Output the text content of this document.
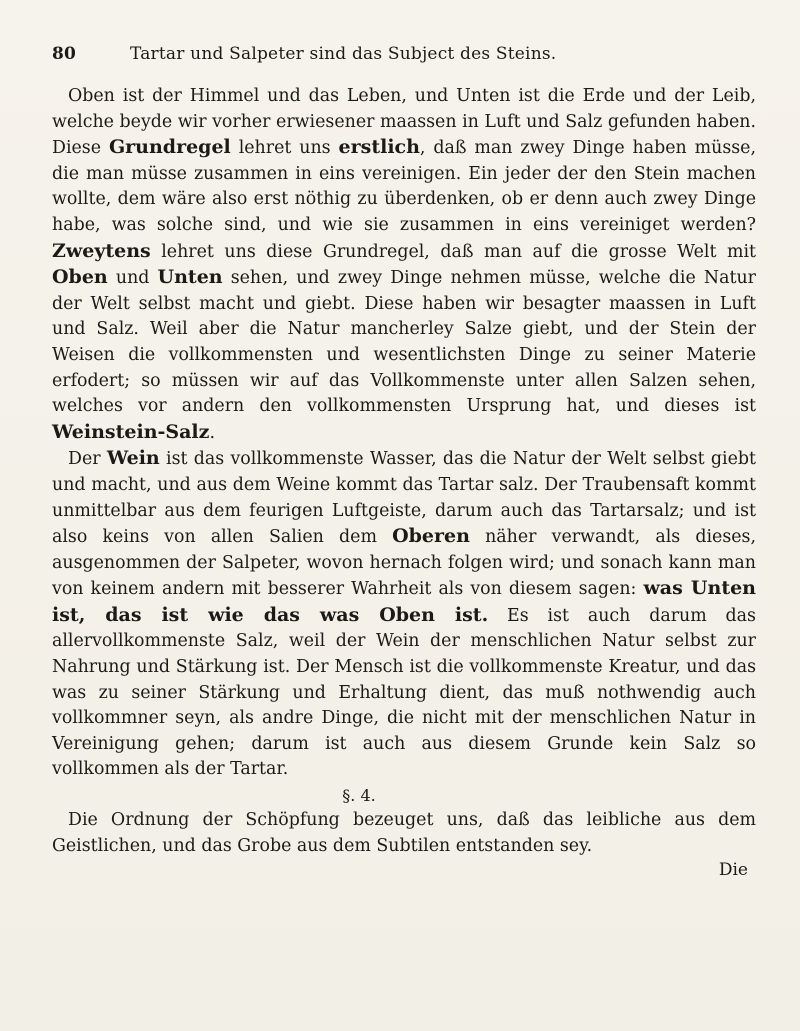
80	Tartar und Salpeter sind das Subject des Steins.

Oben ist der Himmel und das Leben, und Unten ist die Erde und der Leib, welche beyde wir vorher erwiesener maassen in Luft und Salz gefunden haben. Diese Grundregel lehret uns erstlich, daß man zwey Dinge haben müsse, die man müsse zusammen in eins vereinigen. Ein jeder der den Stein machen wollte, dem wäre also erst nöthig zu überdenken, ob er denn auch zwey Dinge habe, was solche sind, und wie sie zusammen in eins vereiniget werden? Zweytens lehret uns diese Grundregel, daß man auf die grosse Welt mit Oben und Unten sehen, und zwey Dinge nehmen müsse, welche die Natur der Welt selbst macht und giebt. Diese haben wir besagter maassen in Luft und Salz. Weil aber die Natur mancherley Salze giebt, und der Stein der Weisen die vollkommensten und wesentlichsten Dinge zu seiner Materie erfodert; so müssen wir auf das Vollkommenste unter allen Salzen sehen, welches vor andern den vollkommensten Ursprung hat, und dieses ist Weinstein-Salz.

Der Wein ist das vollkommenste Wasser, das die Natur der Welt selbst giebt und macht, und aus dem Weine kommt das Tartar salz. Der Traubensaft kommt unmittelbar aus dem feurigen Luftgeiste, darum auch das Tartarsalz; und ist also keins von allen Salien dem Oberen näher verwandt, als dieses, ausgenommen der Salpeter, wovon hernach folgen wird; und sonach kann man von keinem andern mit besserer Wahrheit als von diesem sagen: was Unten ist, das ist wie das was Oben ist. Es ist auch darum das allervollkommenste Salz, weil der Wein der menschlichen Natur selbst zur Nahrung und Stärkung ist. Der Mensch ist die vollkommenste Kreatur, und das was zu seiner Stärkung und Erhaltung dient, das muß nothwendig auch vollkommner seyn, als andre Dinge, die nicht mit der menschlichen Natur in Vereinigung gehen; darum ist auch aus diesem Grunde kein Salz so vollkommen als der Tartar.

§. 4.

Die Ordnung der Schöpfung bezeuget uns, daß das leibliche aus dem Geistlichen, und das Grobe aus dem Subtilen entstanden sey.

Die
